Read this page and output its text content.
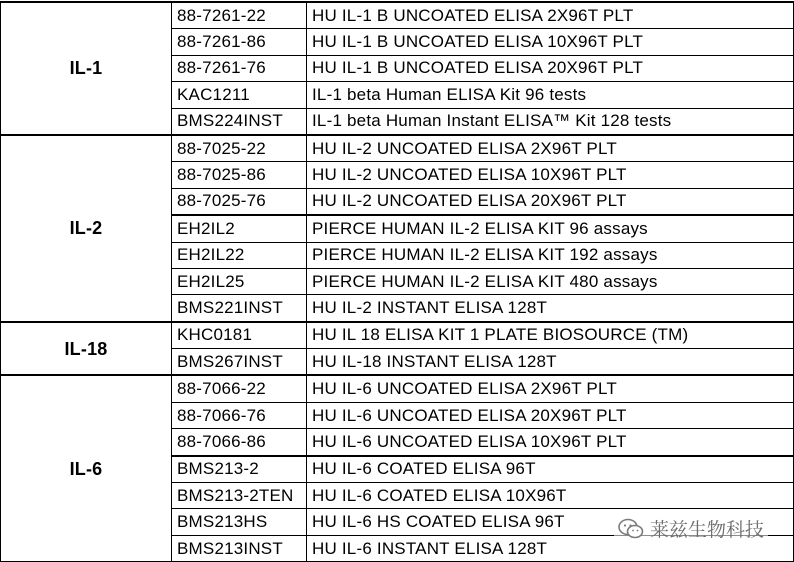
IL-1	88-7261-22	HU IL-1 B UNCOATED ELISA 2X96T PLT
	88-7261-86	HU IL-1 B UNCOATED ELISA 10X96T PLT
	88-7261-76	HU IL-1 B UNCOATED ELISA 20X96T PLT
	KAC1211	IL-1 beta Human ELISA Kit 96 tests
	BMS224INST	IL-1 beta Human Instant ELISA™ Kit 128 tests
IL-2	88-7025-22	HU IL-2 UNCOATED ELISA 2X96T PLT
	88-7025-86	HU IL-2 UNCOATED ELISA 10X96T PLT
	88-7025-76	HU IL-2 UNCOATED ELISA 20X96T PLT
	EH2IL2	PIERCE HUMAN IL-2 ELISA KIT 96 assays
	EH2IL22	PIERCE HUMAN IL-2 ELISA KIT 192 assays
	EH2IL25	PIERCE HUMAN IL-2 ELISA KIT 480 assays
	BMS221INST	HU IL-2 INSTANT ELISA 128T
IL-18	KHC0181	HU IL 18 ELISA KIT 1 PLATE BIOSOURCE (TM)
	BMS267INST	HU IL-18 INSTANT ELISA 128T
IL-6	88-7066-22	HU IL-6 UNCOATED ELISA 2X96T PLT
	88-7066-76	HU IL-6 UNCOATED ELISA 20X96T PLT
	88-7066-86	HU IL-6 UNCOATED ELISA 10X96T PLT
	BMS213-2	HU IL-6 COATED ELISA 96T
	BMS213-2TEN	HU IL-6 COATED ELISA 10X96T
	BMS213HS	HU IL-6 HS COATED ELISA 96T
	BMS213INST	HU IL-6 INSTANT ELISA 128T
莱兹生物科技
